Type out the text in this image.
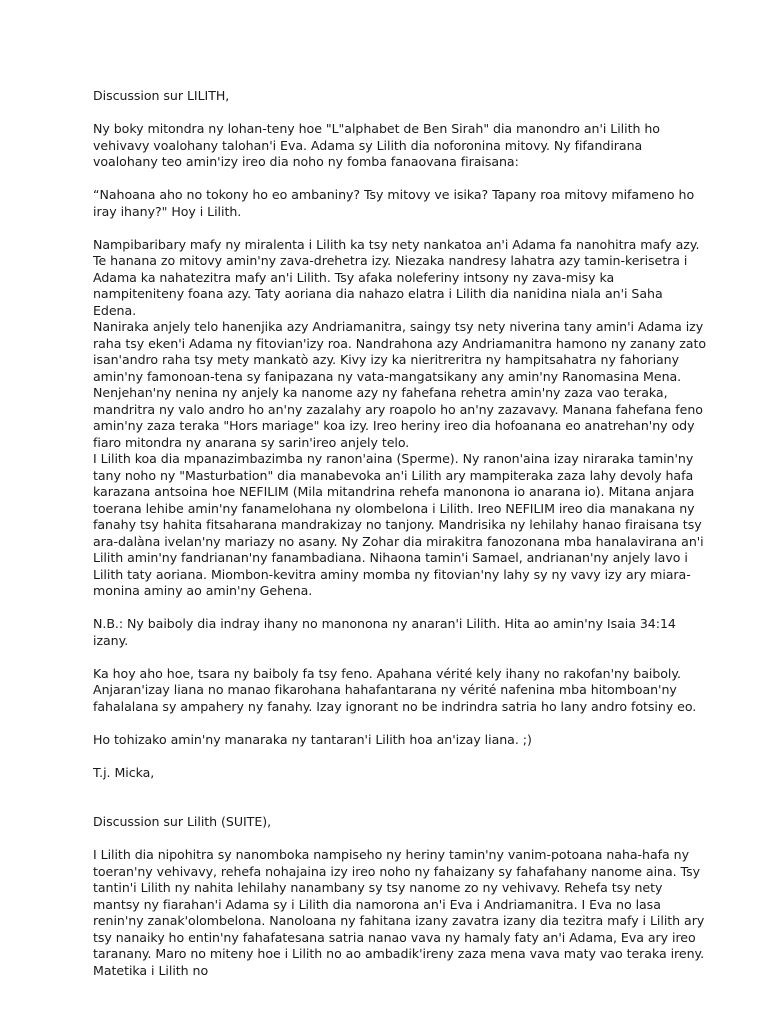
Discussion sur LILITH,

Ny boky mitondra ny lohan-teny hoe "L"alphabet de Ben Sirah" dia manondro an'i Lilith ho vehivavy voalohany talohan'i Eva. Adama sy Lilith dia noforonina mitovy. Ny fifandirana voalohany teo amin'izy ireo dia noho ny fomba fanaovana firaisana:

“Nahoana aho no tokony ho eo ambaniny? Tsy mitovy ve isika? Tapany roa mitovy mifameno ho iray ihany?" Hoy i Lilith.

Nampibaribary mafy ny miralenta i Lilith ka tsy nety nankatoa an'i Adama fa nanohitra mafy azy. Te hanana zo mitovy amin'ny zava-drehetra izy. Niezaka nandresy lahatra azy tamin-kerisetra i Adama ka nahatezitra mafy an'i Lilith. Tsy afaka noleferiny intsony ny zava-misy ka nampiteniteny foana azy. Taty aoriana dia nahazo elatra i Lilith dia nanidina niala an'i Saha Edena.

Naniraka anjely telo hanenjika azy Andriamanitra, saingy tsy nety niverina tany amin'i Adama izy raha tsy eken'i Adama ny fitovian'izy roa. Nandrahona azy Andriamanitra hamono ny zanany zato isan'andro raha tsy mety mankatò azy. Kivy izy ka nieritreritra ny hampitsahatra ny fahoriany amin'ny famonoan-tena sy fanipazana ny vata-mangatsikany any amin'ny Ranomasina Mena. Nenjehan'ny nenina ny anjely ka nanome azy ny fahefana rehetra amin'ny zaza vao teraka, mandritra ny valo andro ho an'ny zazalahy ary roapolo ho an'ny zazavavy. Manana fahefana feno amin'ny zaza teraka "Hors mariage" koa izy. Ireo heriny ireo dia hofoanana eo anatrehan'ny ody fiaro mitondra ny anarana sy sarin'ireo anjely telo.

I Lilith koa dia mpanazimbazimba ny ranon'aina (Sperme). Ny ranon'aina izay niraraka tamin'ny tany noho ny "Masturbation" dia manabevoka an'i Lilith ary mampiteraka zaza lahy devoly hafa karazana antsoina hoe NEFILIM (Mila mitandrina rehefa manonona io anarana io). Mitana anjara toerana lehibe amin'ny fanamelohana ny olombelona i Lilith. Ireo NEFILIM ireo dia manakana ny fanahy tsy hahita fitsaharana mandrakizay no tanjony. Mandrisika ny lehilahy hanao firaisana tsy ara-dalàna ivelan'ny mariazy no asany. Ny Zohar dia mirakitra fanozonana mba hanalavirana an'i Lilith amin'ny fandrianan'ny fanambadiana. Nihaona tamin'i Samael, andrianan'ny anjely lavo i Lilith taty aoriana. Miombon-kevitra aminy momba ny fitovian'ny lahy sy ny vavy izy ary miara-monina aminy ao amin'ny Gehena.

N.B.: Ny baiboly dia indray ihany no manonona ny anaran'i Lilith. Hita ao amin'ny Isaia 34:14 izany.

Ka hoy aho hoe, tsara ny baiboly fa tsy feno. Apahana vérité kely ihany no rakofan'ny baiboly. Anjaran'izay liana no manao fikarohana hahafantarana ny vérité nafenina mba hitomboan'ny fahalalana sy ampahery ny fanahy. Izay ignorant no be indrindra satria ho lany andro fotsiny eo.

Ho tohizako amin'ny manaraka ny tantaran'i Lilith hoa an'izay liana. ;)

T.j. Micka,

Discussion sur Lilith (SUITE),

I Lilith dia nipohitra sy nanomboka nampiseho ny heriny tamin'ny vanim-potoana naha-hafa ny toeran'ny vehivavy, rehefa nohajaina izy ireo noho ny fahaizany sy fahafahany nanome aina. Tsy tantin'i Lilith ny nahita lehilahy nanambany sy tsy nanome zo ny vehivavy. Rehefa tsy nety mantsy ny fiarahan'i Adama sy i Lilith dia namorona an'i Eva i Andriamanitra. I Eva no lasa renin'ny zanak'olombelona. Nanoloana ny fahitana izany zavatra izany dia tezitra mafy i Lilith ary tsy nanaiky ho entin'ny fahafatesana satria nanao vava ny hamaly faty an'i Adama, Eva ary ireo taranany. Maro no miteny hoe i Lilith no ao ambadik'ireny zaza mena vava maty vao teraka ireny. Matetika i Lilith no
